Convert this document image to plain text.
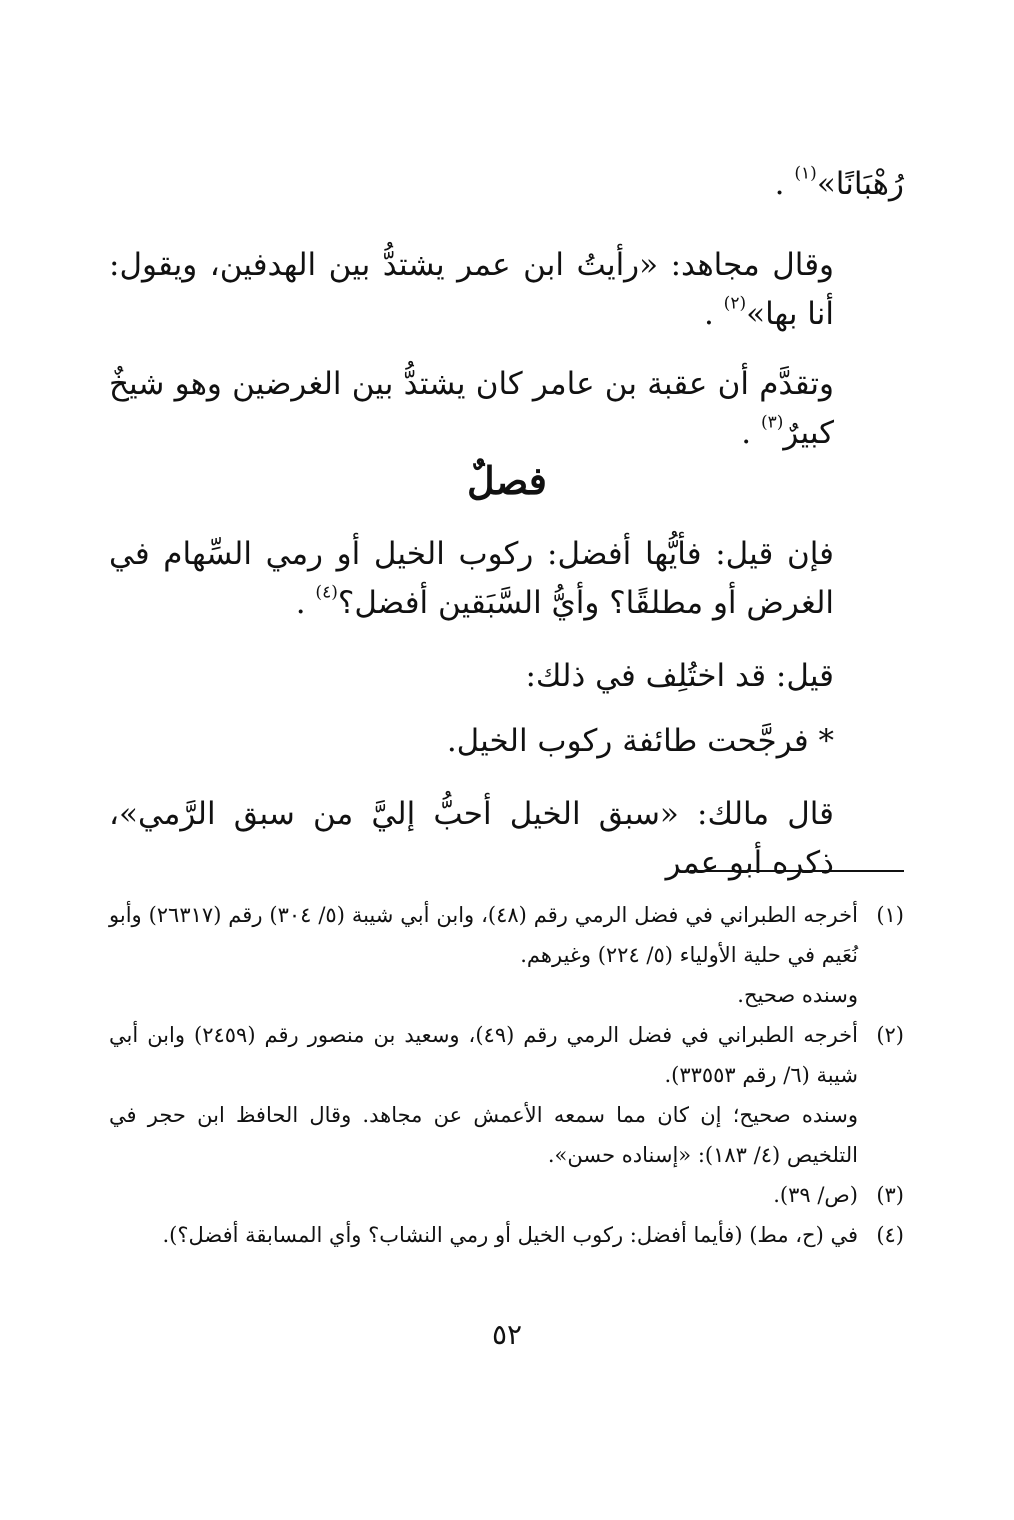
رُهْبَانًا»$^{(١)}$ .
وقال مجاهد: «رأيتُ ابن عمر يشتدُّ بين الهدفين، ويقول: أنا بها»$^{(٢)}$ .
وتقدَّم أن عقبة بن عامر كان يشتدُّ بين الغرضين وهو شيخٌ كبيرٌ$^{(٣)}$ .
فصلٌ
فإن قيل: فأيُّها أفضل: ركوب الخيل أو رمي السِّهام في الغرض أو مطلقًا؟ وأيُّ السَّبَقين أفضل؟$^{(٤)}$ .
قيل: قد اختُلِف في ذلك:
* فرجَّحت طائفة ركوب الخيل.
قال مالك: «سبق الخيل أحبُّ إليَّ من سبق الرَّمي»، ذكره أبو عمر
(١)
أخرجه الطبراني في فضل الرمي رقم (٤٨)، وابن أبي شيبة (٥/ ٣٠٤) رقم (٢٦٣١٧) وأبو نُعَيم في حلية الأولياء (٥/ ٢٢٤) وغيرهم.
وسنده صحيح.
(٢)
أخرجه الطبراني في فضل الرمي رقم (٤٩)، وسعيد بن منصور رقم (٢٤٥٩) وابن أبي شيبة (٦/ رقم ٣٣٥٥٣).
وسنده صحيح؛ إن كان مما سمعه الأعمش عن مجاهد. وقال الحافظ ابن حجر في التلخيص (٤/ ١٨٣): «إسناده حسن».
(٣)
(ص/ ٣٩).
(٤)
في (ح، مط) (فأيما أفضل: ركوب الخيل أو رمي النشاب؟ وأي المسابقة أفضل؟).
٥٢
